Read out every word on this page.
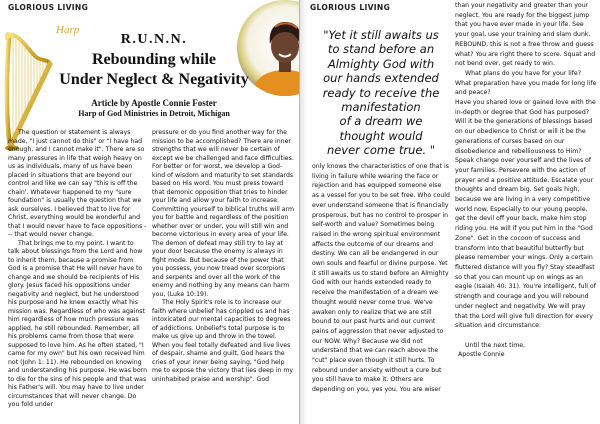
GLORIOUS LIVING
Harp
R.U.N.N.
Rebounding while
Under Neglect & Negativity
Article by Apostle Connie Foster
Harp of God Ministries in Detroit, Michigan

The question or statement is always made, "I just cannot do this" or "I have had enough, and I cannot make it". There are so many pressures in life that weigh heavy on us as individuals, many of us have been placed in situations that are beyond our control and like we can say "this is off the chain'. Whatever happened to my "sure foundation" is usually the question that we ask ourselves. I believed that to live for Christ, everything would be wonderful and that I would never have to face oppositions --- that would never change.

That brings me to my point. I want to talk about blessings from the Lord and how to inherit them, because a promise from God is a promise that He will never have to change and we should be recipients of His glory. Jesus faced his oppositions under negativity and neglect, but he understood his purpose and he knew exactly what his mission was. Regardless of who was against him regardless of how much pressure was applied, he still rebounded. Remember, all his problems came from those that were supposed to love him. As he often stated, "I came for my own" but his own received him not (John 1: 11). He rebounded on knowing and understanding his purpose. He was born to die for the sins of his people and that was his Father's will. You may have to live under circumstances that will never change. Do you fold under

pressure or do you find another way for the mission to be accomplished? There are inner strengths that we will never be certain of except we be challenged and face difficulties. For better or for worst, we develop a God-kind of wisdom and maturity to set standards based on His word. You must press toward that demonic opposition that tries to hinder your life and allow your faith to increase. Committing yourself to biblical truths will arm you for battle and regardless of the position whether over or under, you will still win and become victorious in every area of your life. The demon of defeat may still try to lay at your door because the enemy is always in fight mode. But because of the power that you possess, you now tread over scorpions and serpents and over all the work of the enemy and nothing by any means can harm you, (Luke 10:19).

The Holy Spirit's role is to increase our faith where unbelief has crippled us and has intoxicated our mental capacities to degrees of addictions. Unbelief's total purpose is to make us give up and throw in the towel. When you feel totally defeated and live lives of despair, shame and guilt, God hears the cries of your inner being saying, "God help me to expose the victory that lies deep in my uninhabited praise and worship". God

GLORIOUS LIVING
"Yet it still awaits us
to stand before an
Almighty God with
our hands extended
ready to receive the
manifestation
of a dream we
thought would
never come true. "

only knows the characteristics of one that is living in failure while wearing the face or rejection and has equipped someone else as a vessel for you to be set free. Who could ever understand someone that is financially prosperous, but has no control to prosper in self-worth and value? Sometimes being raised in the wrong spiritual environment affects the outcome of our dreams and destiny. We can all be endangered in our own souls and fearful or divine purpose. Yet it still awaits us to stand before an Almighty God with our hands extended ready to receive the manifestation of a dream we thought would never come true. We've awaken only to realize that we are still bound to our past hurts and our current pains of aggression that never adjusted to our NOW. Why? Because we did not understand that we can reach above the "cut" place even though it still hurts. To rebound under anxiety without a cure but you still have to make it. Others are depending on you, yes you. You are wiser

than your negativity and greater than your neglect. You are ready for the biggest jump that you have ever made in your life. See your goal, use your training and slam dunk. REBOUND, this is not a free throw and guess what? You are right there to score. Squat and not bend over, get ready to win.

What plans do you have for your life? What preparation have you made for long life and peace?

Have you shared love or gained love with the in-depth or degree that God has purposed? Will it be the generations of blessings based on our obedience to Christ or will it be the generations of curses based on our disobedience and rebelliousness to Him? Speak change over yourself and the lives of your families. Persevere with the action of prayer and a positive attitude. Escalate your thoughts and dream big. Set goals high, because we are living in a very competitive world now. Especially to our young people, get the devil off your back, make him stop riding you. He will if you put him in the "God Zone". Get in the cocoon of success and transform into that beautiful butterfly but please remember your wings. Only a certain fluttered distance will you fly? Stay steadfast so that you can mount up on wings as an eagle (Isaiah 40: 31). You're intelligent, full of strength and courage and you will rebound under neglect and negativity. We will pray that the Lord will give full direction for every situation and circumstance.

Until the next time,
Apostle Connie
